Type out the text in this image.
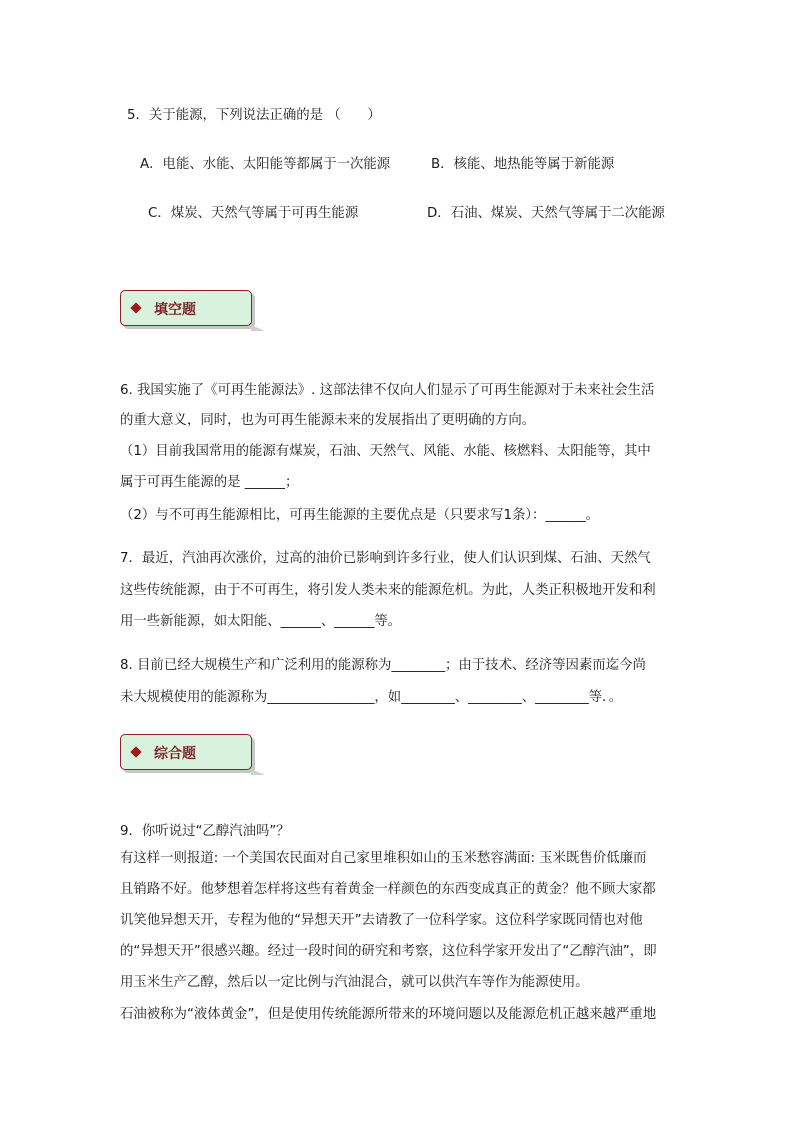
5．关于能源，下列说法正确的是 （　　）
A．电能、水能、太阳能等都属于一次能源	B．核能、地热能等属于新能源
C．煤炭、天然气等属于可再生能源	D．石油、煤炭、天然气等属于二次能源
填空题
6. 我国实施了《可再生能源法》. 这部法律不仅向人们显示了可再生能源对于未来社会生活
的重大意义，同时，也为可再生能源未来的发展指出了更明确的方向。
（1）目前我国常用的能源有煤炭，石油、天然气、风能、水能、核燃料、太阳能等，其中
属于可再生能源的是 ______；
（2）与不可再生能源相比，可再生能源的主要优点是（只要求写1条）：______。
7．最近，汽油再次涨价，过高的油价已影响到许多行业，使人们认识到煤、石油、天然气
这些传统能源，由于不可再生，将引发人类未来的能源危机。为此，人类正积极地开发和利
用一些新能源，如太阳能、______、______等。
8. 目前已经大规模生产和广泛利用的能源称为________；由于技术、经济等因素而迄今尚
未大规模使用的能源称为________________，如________、________、________等．。
综合题
9．你听说过“乙醇汽油吗”？
有这样一则报道: 一个美国农民面对自己家里堆积如山的玉米愁容满面: 玉米既售价低廉而
且销路不好。他梦想着怎样将这些有着黄金一样颜色的东西变成真正的黄金？他不顾大家都
讥笑他异想天开，专程为他的“异想天开”去请教了一位科学家。这位科学家既同情也对他
的“异想天开”很感兴趣。经过一段时间的研究和考察，这位科学家开发出了“乙醇汽油”，即
用玉米生产乙醇，然后以一定比例与汽油混合，就可以供汽车等作为能源使用。
石油被称为“液体黄金”，但是使用传统能源所带来的环境问题以及能源危机正越来越严重地
